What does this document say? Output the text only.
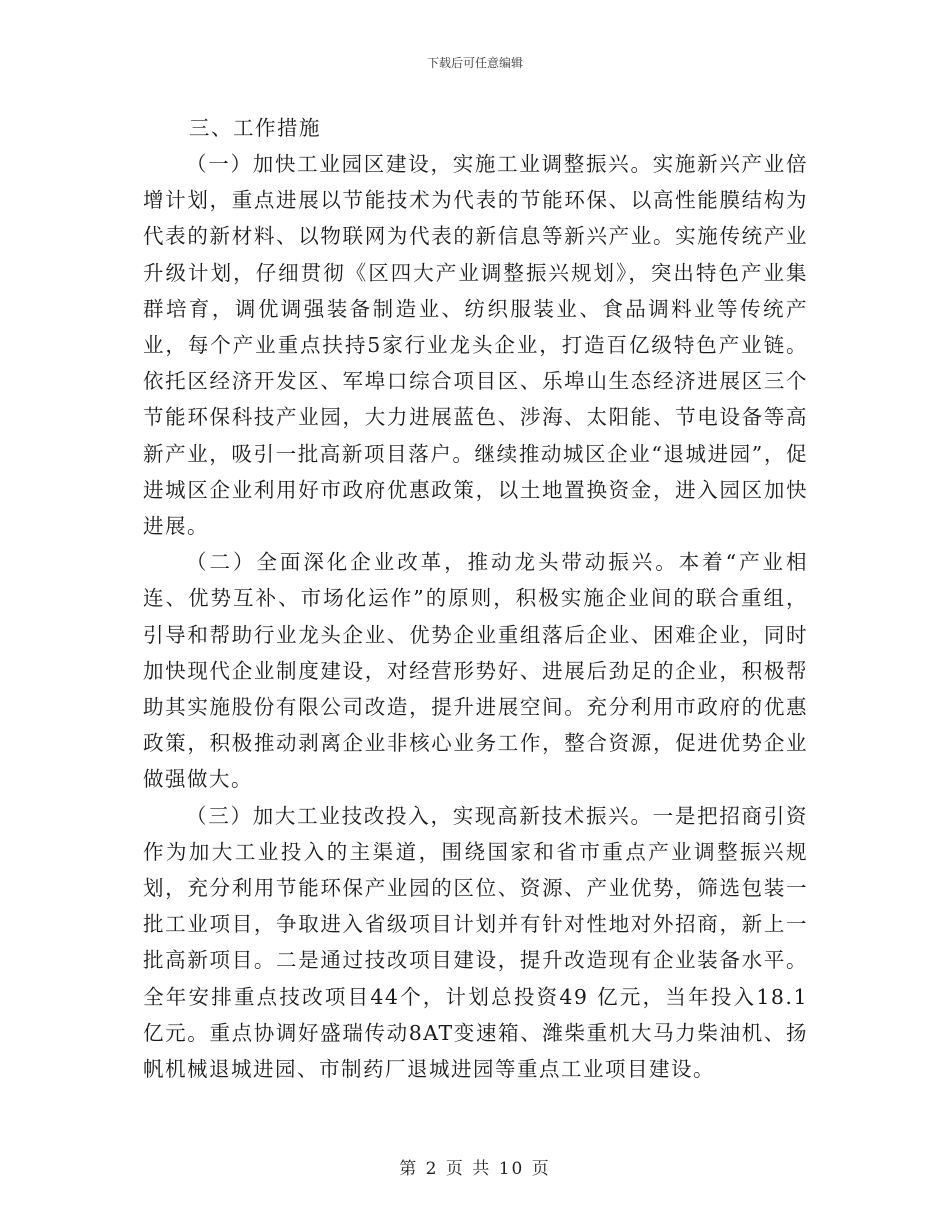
下载后可任意编辑

三、工作措施

（一）加快工业园区建设，实施工业调整振兴。实施新兴产业倍增计划，重点进展以节能技术为代表的节能环保、以高性能膜结构为代表的新材料、以物联网为代表的新信息等新兴产业。实施传统产业升级计划，仔细贯彻《区四大产业调整振兴规划》，突出特色产业集群培育，调优调强装备制造业、纺织服装业、食品调料业等传统产业，每个产业重点扶持5家行业龙头企业，打造百亿级特色产业链。依托区经济开发区、军埠口综合项目区、乐埠山生态经济进展区三个节能环保科技产业园，大力进展蓝色、涉海、太阳能、节电设备等高新产业，吸引一批高新项目落户。继续推动城区企业“退城进园”，促进城区企业利用好市政府优惠政策，以土地置换资金，进入园区加快进展。

（二）全面深化企业改革，推动龙头带动振兴。本着“产业相连、优势互补、市场化运作”的原则，积极实施企业间的联合重组，引导和帮助行业龙头企业、优势企业重组落后企业、困难企业，同时加快现代企业制度建设，对经营形势好、进展后劲足的企业，积极帮助其实施股份有限公司改造，提升进展空间。充分利用市政府的优惠政策，积极推动剥离企业非核心业务工作，整合资源，促进优势企业做强做大。

（三）加大工业技改投入，实现高新技术振兴。一是把招商引资作为加大工业投入的主渠道，围绕国家和省市重点产业调整振兴规划，充分利用节能环保产业园的区位、资源、产业优势，筛选包装一批工业项目，争取进入省级项目计划并有针对性地对外招商，新上一批高新项目。二是通过技改项目建设，提升改造现有企业装备水平。全年安排重点技改项目44个，计划总投资49 亿元，当年投入18.1亿元。重点协调好盛瑞传动8AT变速箱、潍柴重机大马力柴油机、扬帆机械退城进园、市制药厂退城进园等重点工业项目建设。

第 2 页 共 10 页
